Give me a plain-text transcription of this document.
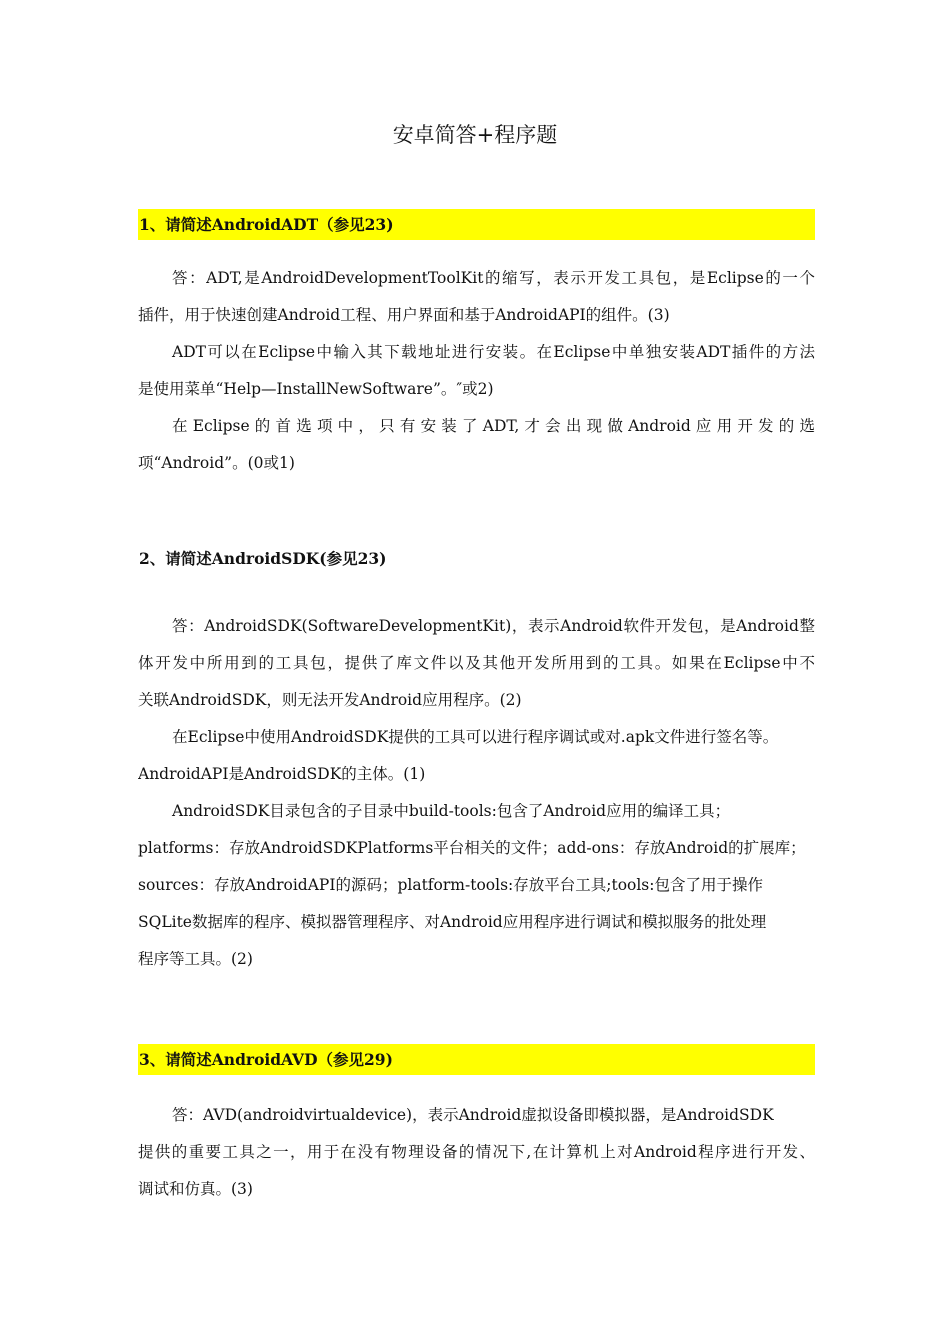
安卓简答+程序题
1、请简述AndroidADT（参见23)
答：ADT,是AndroidDevelopmentToolKit的缩写，表示开发工具包，是Eclipse的一个
插件，用于快速创建Android工程、用户界面和基于AndroidAPI的组件。(3)
ADT可以在Eclipse中输入其下载地址进行安装。在Eclipse中单独安装ADT插件的方法
是使用菜单“Help—InstallNewSoftware”。″或2)
在 Eclipse 的 首 选 项 中 ， 只 有 安 装 了 ADT, 才 会 出 现 做 Android 应 用 开 发 的 选
项“Android”。(0或1)
2、请简述AndroidSDK(参见23)
答：AndroidSDK(SoftwareDevelopmentKit)，表示Android软件开发包，是Android整
体开发中所用到的工具包，提供了库文件以及其他开发所用到的工具。如果在Eclipse中不
关联AndroidSDK，则无法开发Android应用程序。(2)
在Eclipse中使用AndroidSDK提供的工具可以进行程序调试或对.apk文件进行签名等。
AndroidAPI是AndroidSDK的主体。(1)
AndroidSDK目录包含的子目录中build-tools:包含了Android应用的编译工具；
platforms：存放AndroidSDKPlatforms平台相关的文件；add-ons：存放Android的扩展库；
sources：存放AndroidAPI的源码；platform-tools:存放平台工具;tools:包含了用于操作
SQLite数据库的程序、模拟器管理程序、对Android应用程序进行调试和模拟服务的批处理
程序等工具。(2)
3、请简述AndroidAVD（参见29)
答：AVD(androidvirtualdevice)，表示Android虚拟设备即模拟器，是AndroidSDK
提供的重要工具之一，用于在没有物理设备的情况下,在计算机上对Android程序进行开发、
调试和仿真。(3)
